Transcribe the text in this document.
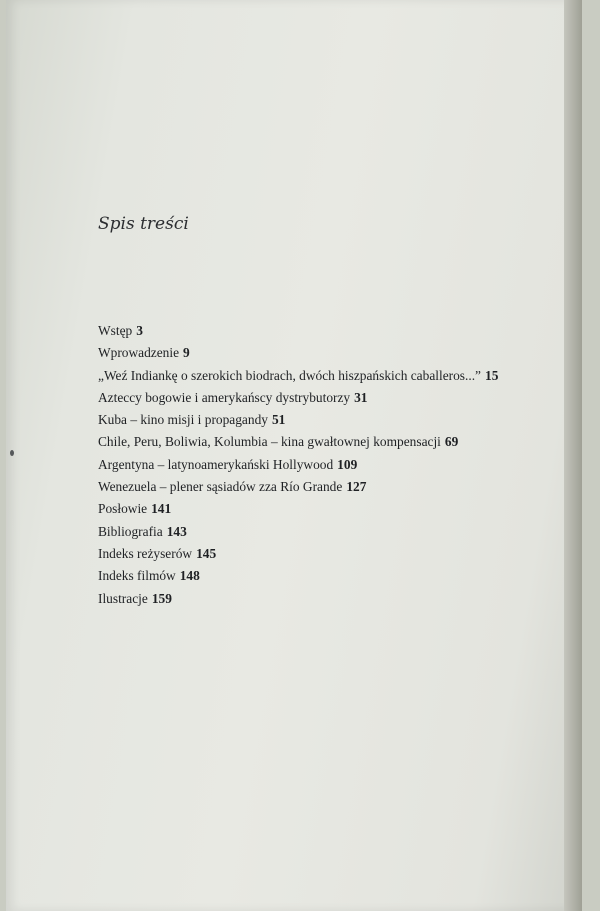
Spis treści
Wstęp 3
Wprowadzenie 9
„Weź Indiankę o szerokich biodrach, dwóch hiszpańskich caballeros...” 15
Azteccy bogowie i amerykańscy dystrybutorzy 31
Kuba – kino misji i propagandy 51
Chile, Peru, Boliwia, Kolumbia – kina gwałtownej kompensacji 69
Argentyna – latynoamerykański Hollywood 109
Wenezuela – plener sąsiadów zza Río Grande 127
Posłowie 141
Bibliografia 143
Indeks reżyserów 145
Indeks filmów 148
Ilustracje 159
